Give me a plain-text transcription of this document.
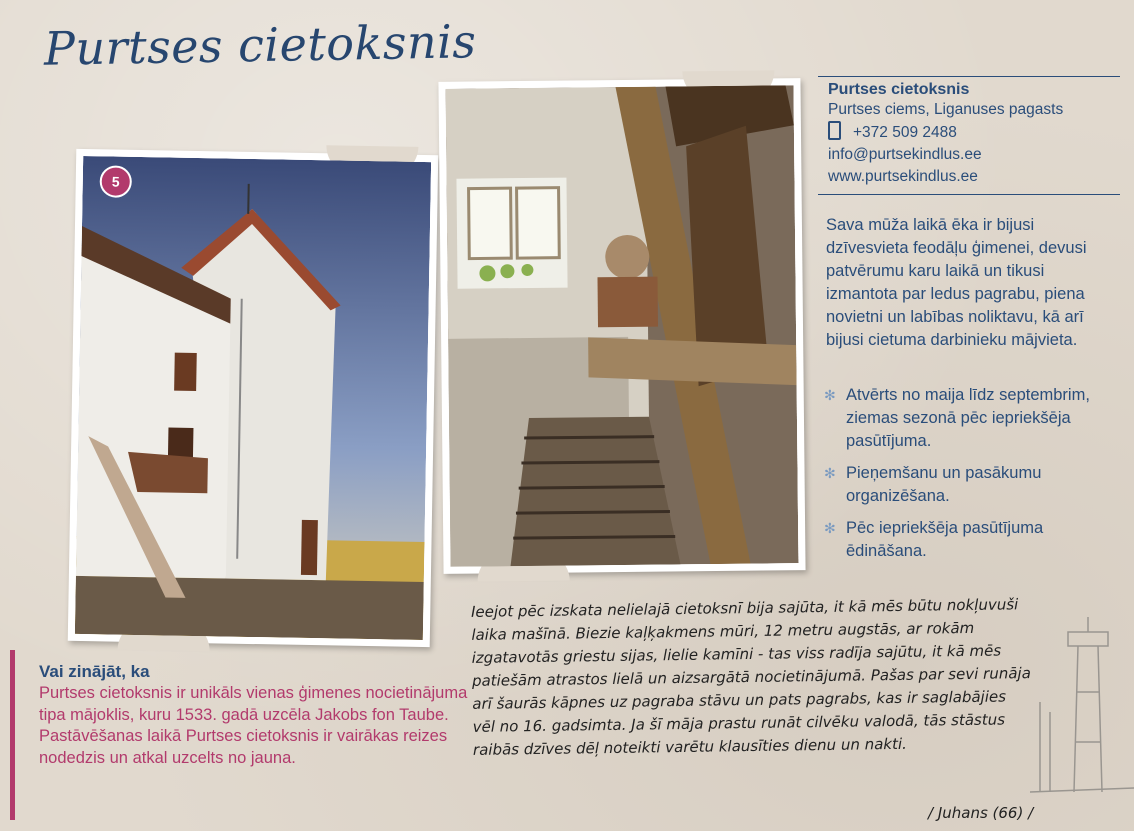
Purtses cietoksnis
5
Purtses cietoksnis
Purtses ciems, Liganuses pagasts
+372 509 2488
info@purtsekindlus.ee
www.purtsekindlus.ee
Sava mūža laikā ēka ir bijusi dzīvesvieta feodāļu ģimenei, devusi patvērumu karu laikā un tikusi izmantota par ledus pagrabu, piena novietni un labības noliktavu, kā arī bijusi cietuma darbinieku mājvieta.
✻ Atvērts no maija līdz septembrim, ziemas sezonā pēc iepriekšēja pasūtījuma.
✻ Pieņemšanu un pasākumu organizēšana.
✻ Pēc iepriekšēja pasūtījuma ēdināšana.
Vai zinājāt, ka
Purtses cietoksnis ir unikāls vienas ģimenes nocietinājuma tipa mājoklis, kuru 1533. gadā uzcēla Jakobs fon Taube. Pastāvēšanas laikā Purtses cietoksnis ir vairākas reizes nodedzis un atkal uzcelts no jauna.
Ieejot pēc izskata nelielajā cietoksnī bija sajūta, it kā mēs būtu nokļuvuši laika mašīnā. Biezie kaļķakmens mūri, 12 metru augstās, ar rokām izgatavotās griestu sijas, lielie kamīni - tas viss radīja sajūtu, it kā mēs patiešām atrastos lielā un aizsargātā nocietinājumā. Pašas par sevi runāja arī šaurās kāpnes uz pagraba stāvu un pats pagrabs, kas ir saglabājies vēl no 16. gadsimta. Ja šī māja prastu runāt cilvēku valodā, tās stāstus raibās dzīves dēļ noteikti varētu klausīties dienu un nakti.
/ Juhans (66) /
